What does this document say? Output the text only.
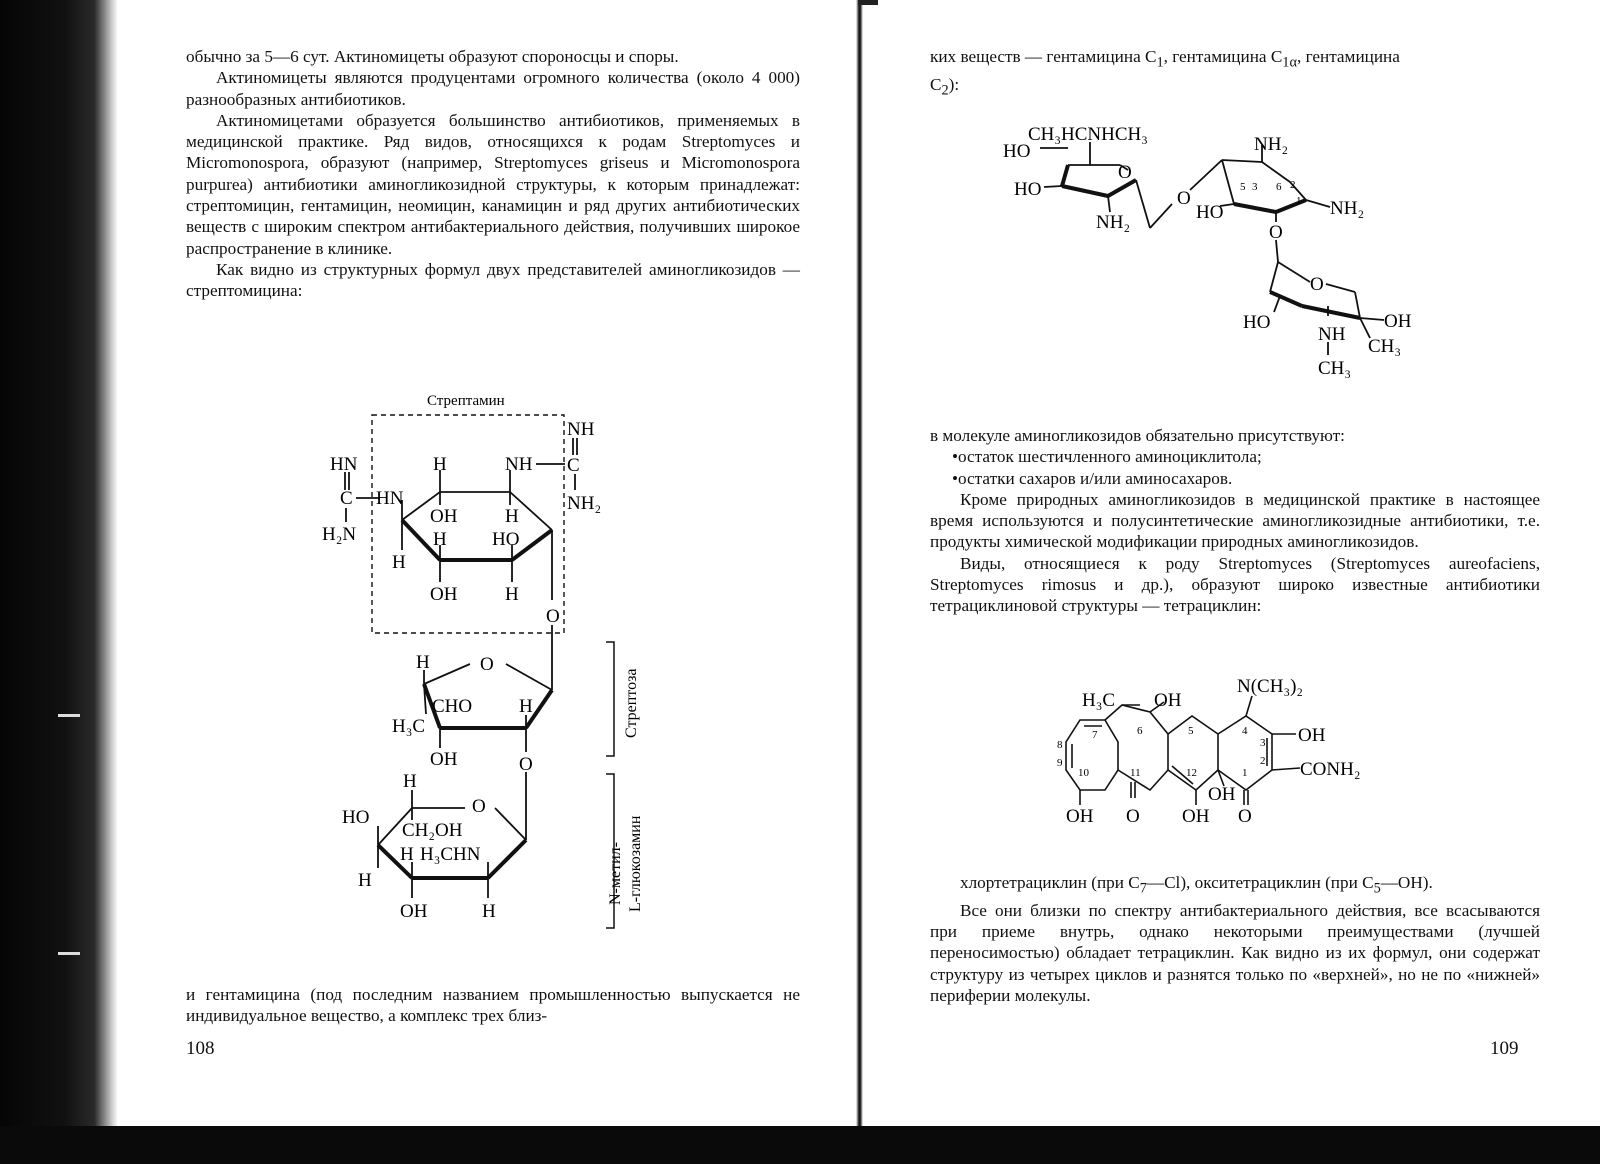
обычно за 5—6 сут. Актиномицеты образуют спороносцы и споры.

Актиномицеты являются продуцентами огромного количества (около 4 000) разнообразных антибиотиков.

Актиномицетами образуется большинство антибиотиков, применяемых в медицинской практике. Ряд видов, относящихся к родам Streptomyces и Micromonospora, образуют (например, Streptomyces griseus и Micromonospora purpurea) антибиотики аминогликозидной структуры, к которым принадлежат: стрептомицин, гентамицин, неомицин, канамицин и ряд других антибиотических веществ с широким спектром антибактериального действия, получивших широкое распространение в клинике.

Как видно из структурных формул двух представителей аминогликозидов — стрептомицина:

и гентамицина (под последним названием промышленностью выпускается не индивидуальное вещество, а комплекс трех близ-
108
Стрептамин
HN
C
H₂N
HN
H	NH C
NH
NH₂
OH	H
H HO
H
OH	H
O
H	O
CHO H
H₃C
OH	O
H
O
HO
CH₂OH
H H₃CHN
H
OH	H
Стрептоза
N-метил- L-глюкозамин
ких веществ — гентамицина $C_1$, гентамицина $C_{1\alpha}$, гентамицина
$C_2$):

в молекуле аминогликозидов обязательно присутствуют:

•остаток шестичленного аминоциклитола;

•остатки сахаров и/или аминосахаров.

Кроме природных аминогликозидов в медицинской практике в настоящее время используются и полусинтетические аминогликозидные антибиотики, т.е. продукты химической модификации природных аминогликозидов.

Виды, относящиеся к роду Streptomyces (Streptomyces aureofaciens, Streptomyces rimosus и др.), образуют широко известные антибиотики тетрациклиновой структуры — тетрациклин:

хлортетрациклин (при $C_7—Cl$), окситетрациклин (при $C_5—OH$).

Все они близки по спектру антибактериального действия, все всасываются при приеме внутрь, однако некоторыми преимуществами (лучшей переносимостью) обладает тетрациклин. Как видно из их формул, они содержат структуру из четырех циклов и разнятся только по «верхней», но не по «нижней» периферии молекулы.

109
CH₃HCNHCH₃
HO
O
HO
NH₂
O
NH₂
5 3 6 2
1
HO	NH₂
O
O
HO	OH
NH
CH₃
CH₃
N(CH₃)₂
H₃C OH
6	5	4
7
3 OH
8
9
10	11	12	1
2 CONH₂
OH
OH O OH O
